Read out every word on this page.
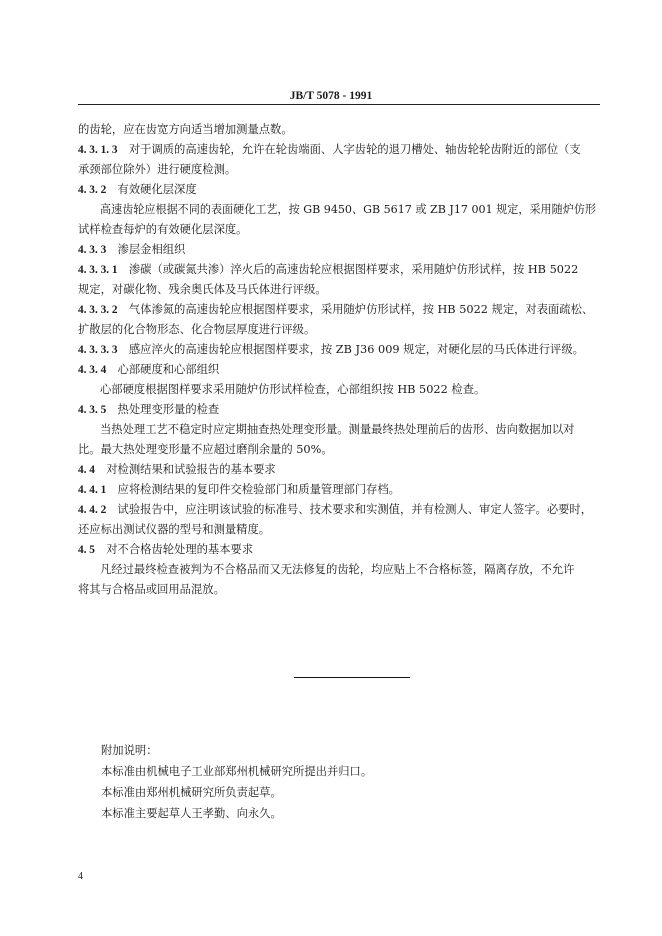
JB/T 5078 - 1991
的齿轮，应在齿宽方向适当增加测量点数。
4. 3. 1. 3   对于调质的高速齿轮，允许在轮齿端面、人字齿轮的退刀槽处、轴齿轮轮齿附近的部位（支
承颈部位除外）进行硬度检测。
4. 3. 2   有效硬化层深度
高速齿轮应根据不同的表面硬化工艺，按 GB 9450、GB 5617 或 ZB J17 001 规定，采用随炉仿形
试样检查每炉的有效硬化层深度。
4. 3. 3   渗层金相组织
4. 3. 3. 1   渗碳（或碳氮共渗）淬火后的高速齿轮应根据图样要求，采用随炉仿形试样，按 HB 5022
规定，对碳化物、残余奥氏体及马氏体进行评级。
4. 3. 3. 2   气体渗氮的高速齿轮应根据图样要求，采用随炉仿形试样，按 HB 5022 规定，对表面疏松、
扩散层的化合物形态、化合物层厚度进行评级。
4. 3. 3. 3   感应淬火的高速齿轮应根据图样要求，按 ZB J36 009 规定，对硬化层的马氏体进行评级。
4. 3. 4   心部硬度和心部组织
心部硬度根据图样要求采用随炉仿形试样检查，心部组织按 HB 5022 检查。
4. 3. 5   热处理变形量的检查
当热处理工艺不稳定时应定期抽查热处理变形量。测量最终热处理前后的齿形、齿向数据加以对
比。最大热处理变形量不应超过磨削余量的 50%。
4. 4   对检测结果和试验报告的基本要求
4. 4. 1   应将检测结果的复印件交检验部门和质量管理部门存档。
4. 4. 2   试验报告中，应注明该试验的标准号、技术要求和实测值，并有检测人、审定人签字。必要时，
还应标出测试仪器的型号和测量精度。
4. 5   对不合格齿轮处理的基本要求
凡经过最终检查被判为不合格品而又无法修复的齿轮，均应贴上不合格标签，隔离存放，不允许
将其与合格品或回用品混放。
附加说明：
本标准由机械电子工业部郑州机械研究所提出并归口。
本标准由郑州机械研究所负责起草。
本标准主要起草人王孝勤、向永久。
4
